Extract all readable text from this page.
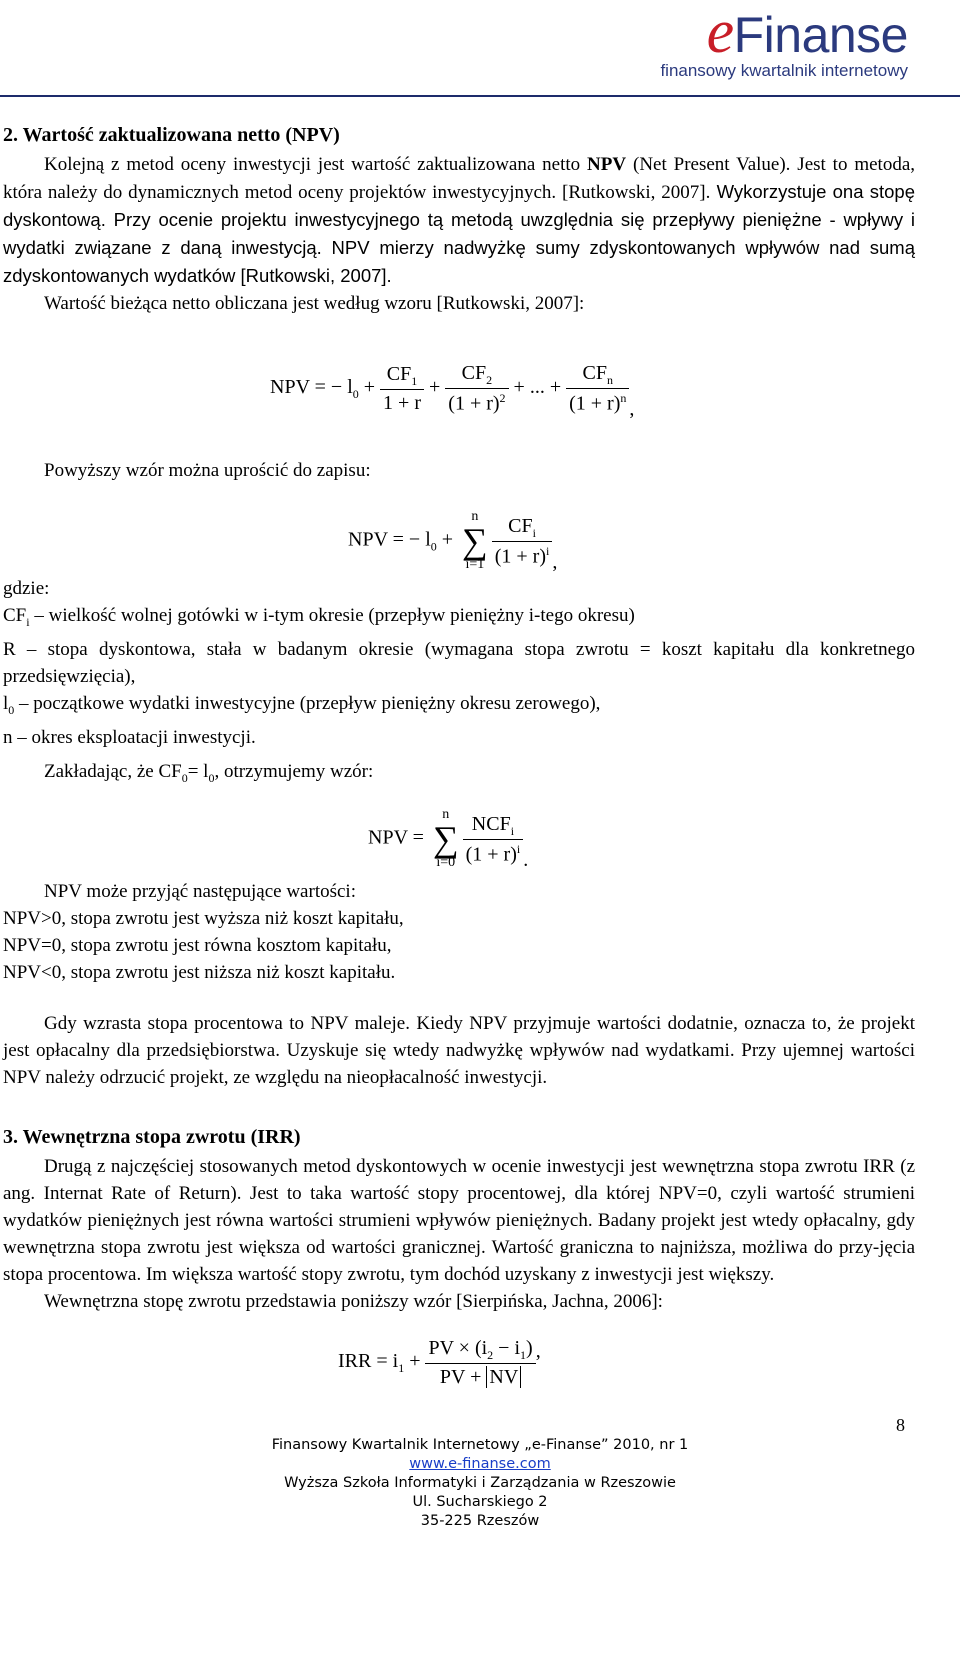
eFinanse
finansowy kwartalnik internetowy
2. Wartość zaktualizowana netto (NPV)

Kolejną z metod oceny inwestycji jest wartość zaktualizowana netto NPV (Net Present Value). Jest to metoda, która należy do dynamicznych metod oceny projektów inwestycyjnych. [Rutkowski, 2007]. Wykorzystuje ona stopę dyskontową. Przy ocenie projektu inwestycyjnego tą metodą uwzględnia się przepływy pieniężne - wpływy i wydatki związane z daną inwestycją. NPV mierzy nadwyżkę sumy zdyskontowanych wpływów nad sumą zdyskontowanych wydatków [Rutkowski, 2007].

Wartość bieżąca netto obliczana jest według wzoru [Rutkowski, 2007]:

NPV = − $l_0 + \frac{CF_1}{1 + r} + \frac{CF_2}{(1 + r)^2}$ + ... + $\frac{CF_n}{(1 + r)^n}$ ,

Powyższy wzór można uprościć do zapisu:

NPV = − $l_0 + n$
∑
$i=1 \frac{CF_i}{(1 + r)^i}$ ,

gdzie:

$CF_i$ – wielkość wolnej gotówki w i-tym okresie (przepływ pieniężny i-tego okresu)

R – stopa dyskontowa, stała w badanym okresie (wymagana stopa zwrotu = koszt kapitału dla konkretnego przedsięwzięcia),

$l_0$ – początkowe wydatki inwestycyjne (przepływ pieniężny okresu zerowego),

n – okres eksploatacji inwestycji.

Zakładając, że $CF_0= l_0$, otrzymujemy wzór:

NPV = n
∑
$i=0 \frac{NCF_i}{(1 + r)^i}$ .

NPV może przyjąć następujące wartości:

NPV>0, stopa zwrotu jest wyższa niż koszt kapitału,

NPV=0, stopa zwrotu jest równa kosztom kapitału,

NPV<0, stopa zwrotu jest niższa niż koszt kapitału.

Gdy wzrasta stopa procentowa to NPV maleje. Kiedy NPV przyjmuje wartości dodatnie, oznacza to, że projekt jest opłacalny dla przedsiębiorstwa. Uzyskuje się wtedy nadwyżkę wpływów nad wydatkami. Przy ujemnej wartości NPV należy odrzucić projekt, ze względu na nieopłacalność inwestycji.

3. Wewnętrzna stopa zwrotu (IRR)

Drugą z najczęściej stosowanych metod dyskontowych w ocenie inwestycji jest wewnętrzna stopa zwrotu IRR (z ang. Internat Rate of Return). Jest to taka wartość stopy procentowej, dla której NPV=0, czyli wartość strumieni wydatków pieniężnych jest równa wartości strumieni wpływów pieniężnych. Badany projekt jest wtedy opłacalny, gdy wewnętrzna stopa zwrotu jest większa od wartości granicznej. Wartość graniczna to najniższa, możliwa do przy-jęcia stopa procentowa. Im większa wartość stopy zwrotu, tym dochód uzyskany z inwestycji jest większy.

Wewnętrzna stopę zwrotu przedstawia poniższy wzór [Sierpińska, Jachna, 2006]:

IRR = $i_1 + \frac{PV \times (i_2 - i_1)}{PV + NV}$ ,
8
Finansowy Kwartalnik Internetowy „e-Finanse” 2010, nr 1
www.e-finanse.com
Wyższa Szkoła Informatyki i Zarządzania w Rzeszowie
Ul. Sucharskiego 2
35-225 Rzeszów
